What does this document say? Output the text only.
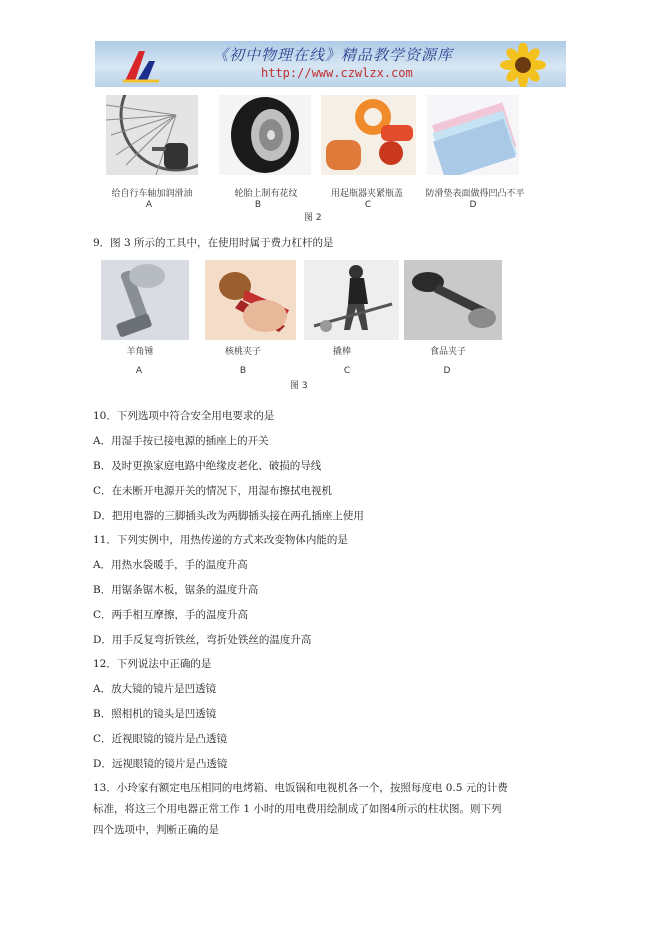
《初中物理在线》精品教学资源库
http://www.czwlzx.com
给自行车轴加润滑油	轮胎上制有花纹	用起瓶器夹紧瓶盖 防滑垫表面做得凹凸不平
A	B	C	D
图 2
9．图 3 所示的工具中，在使用时属于费力杠杆的是
羊角锤	核桃夹子	撬棒	食品夹子
A	B	C	D
图 3
10．下列选项中符合安全用电要求的是
A．用湿手按已接电源的插座上的开关
B．及时更换家庭电路中绝缘皮老化、破损的导线
C．在未断开电源开关的情况下，用湿布擦拭电视机
D．把用电器的三脚插头改为两脚插头接在两孔插座上使用
11．下列实例中，用热传递的方式来改变物体内能的是
A．用热水袋暖手，手的温度升高
B．用锯条锯木板，锯条的温度升高
C．两手相互摩擦，手的温度升高
D．用手反复弯折铁丝，弯折处铁丝的温度升高
12．下列说法中正确的是
A．放大镜的镜片是凹透镜
B．照相机的镜头是凹透镜
C．近视眼镜的镜片是凸透镜
D．远视眼镜的镜片是凸透镜
13．小玲家有额定电压相同的电烤箱、电饭锅和电视机各一个，按照每度电 0.5 元的计费
标准，将这三个用电器正常工作 1 小时的用电费用绘制成了如图4所示的柱状图。则下列
四个选项中，判断正确的是
